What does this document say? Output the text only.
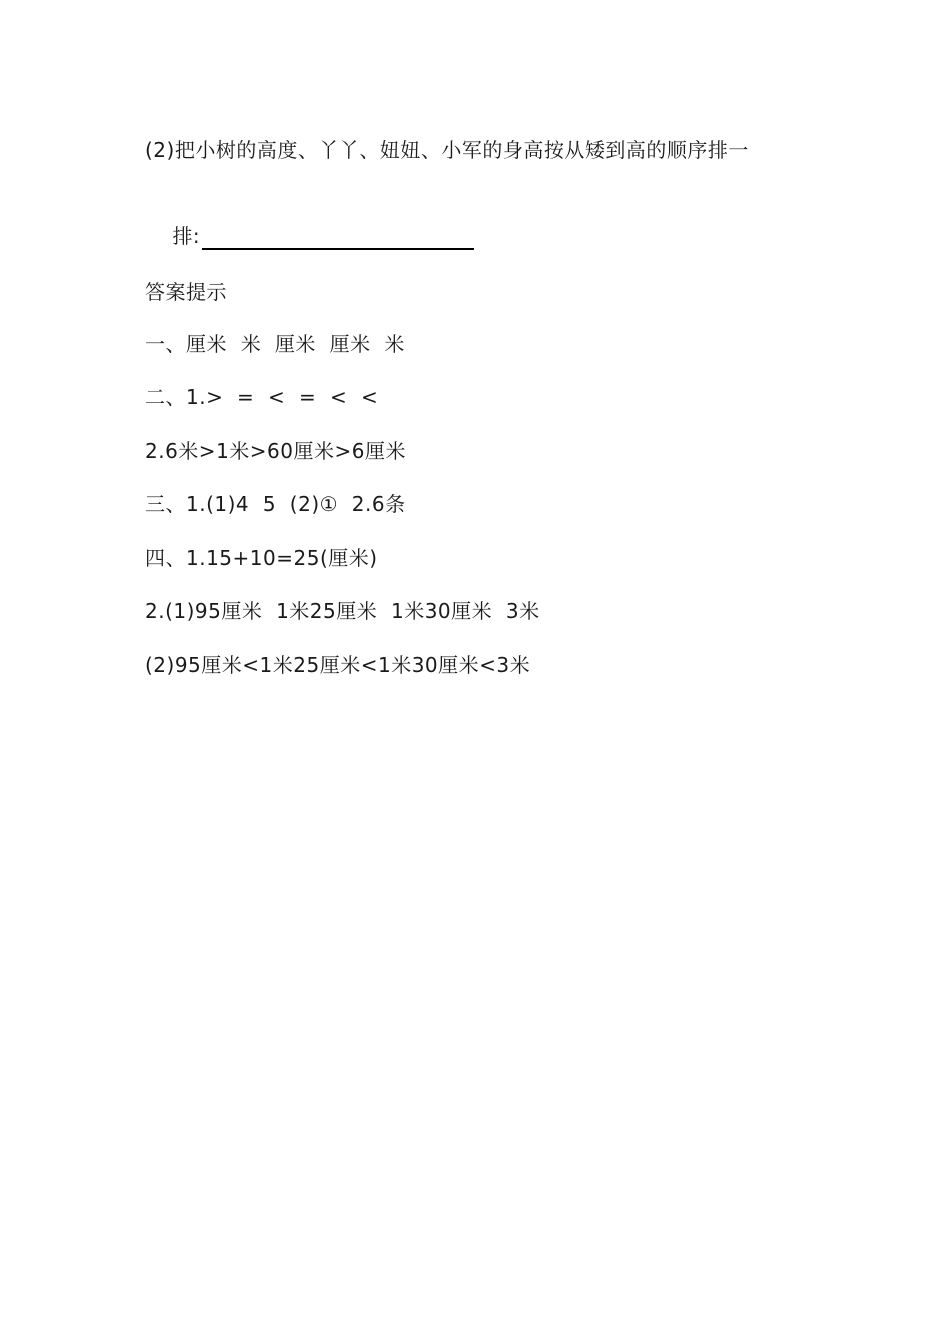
(2)把小树的高度、丫丫、妞妞、小军的身高按从矮到高的顺序排一

排:

答案提示
一、厘米  米  厘米  厘米  米
二、1.>  =  <  =  <  <
2.6米>1米>60厘米>6厘米
三、1.(1)4  5  (2)①  2.6条
四、1.15+10=25(厘米)
2.(1)95厘米  1米25厘米  1米30厘米  3米
(2)95厘米<1米25厘米<1米30厘米<3米
